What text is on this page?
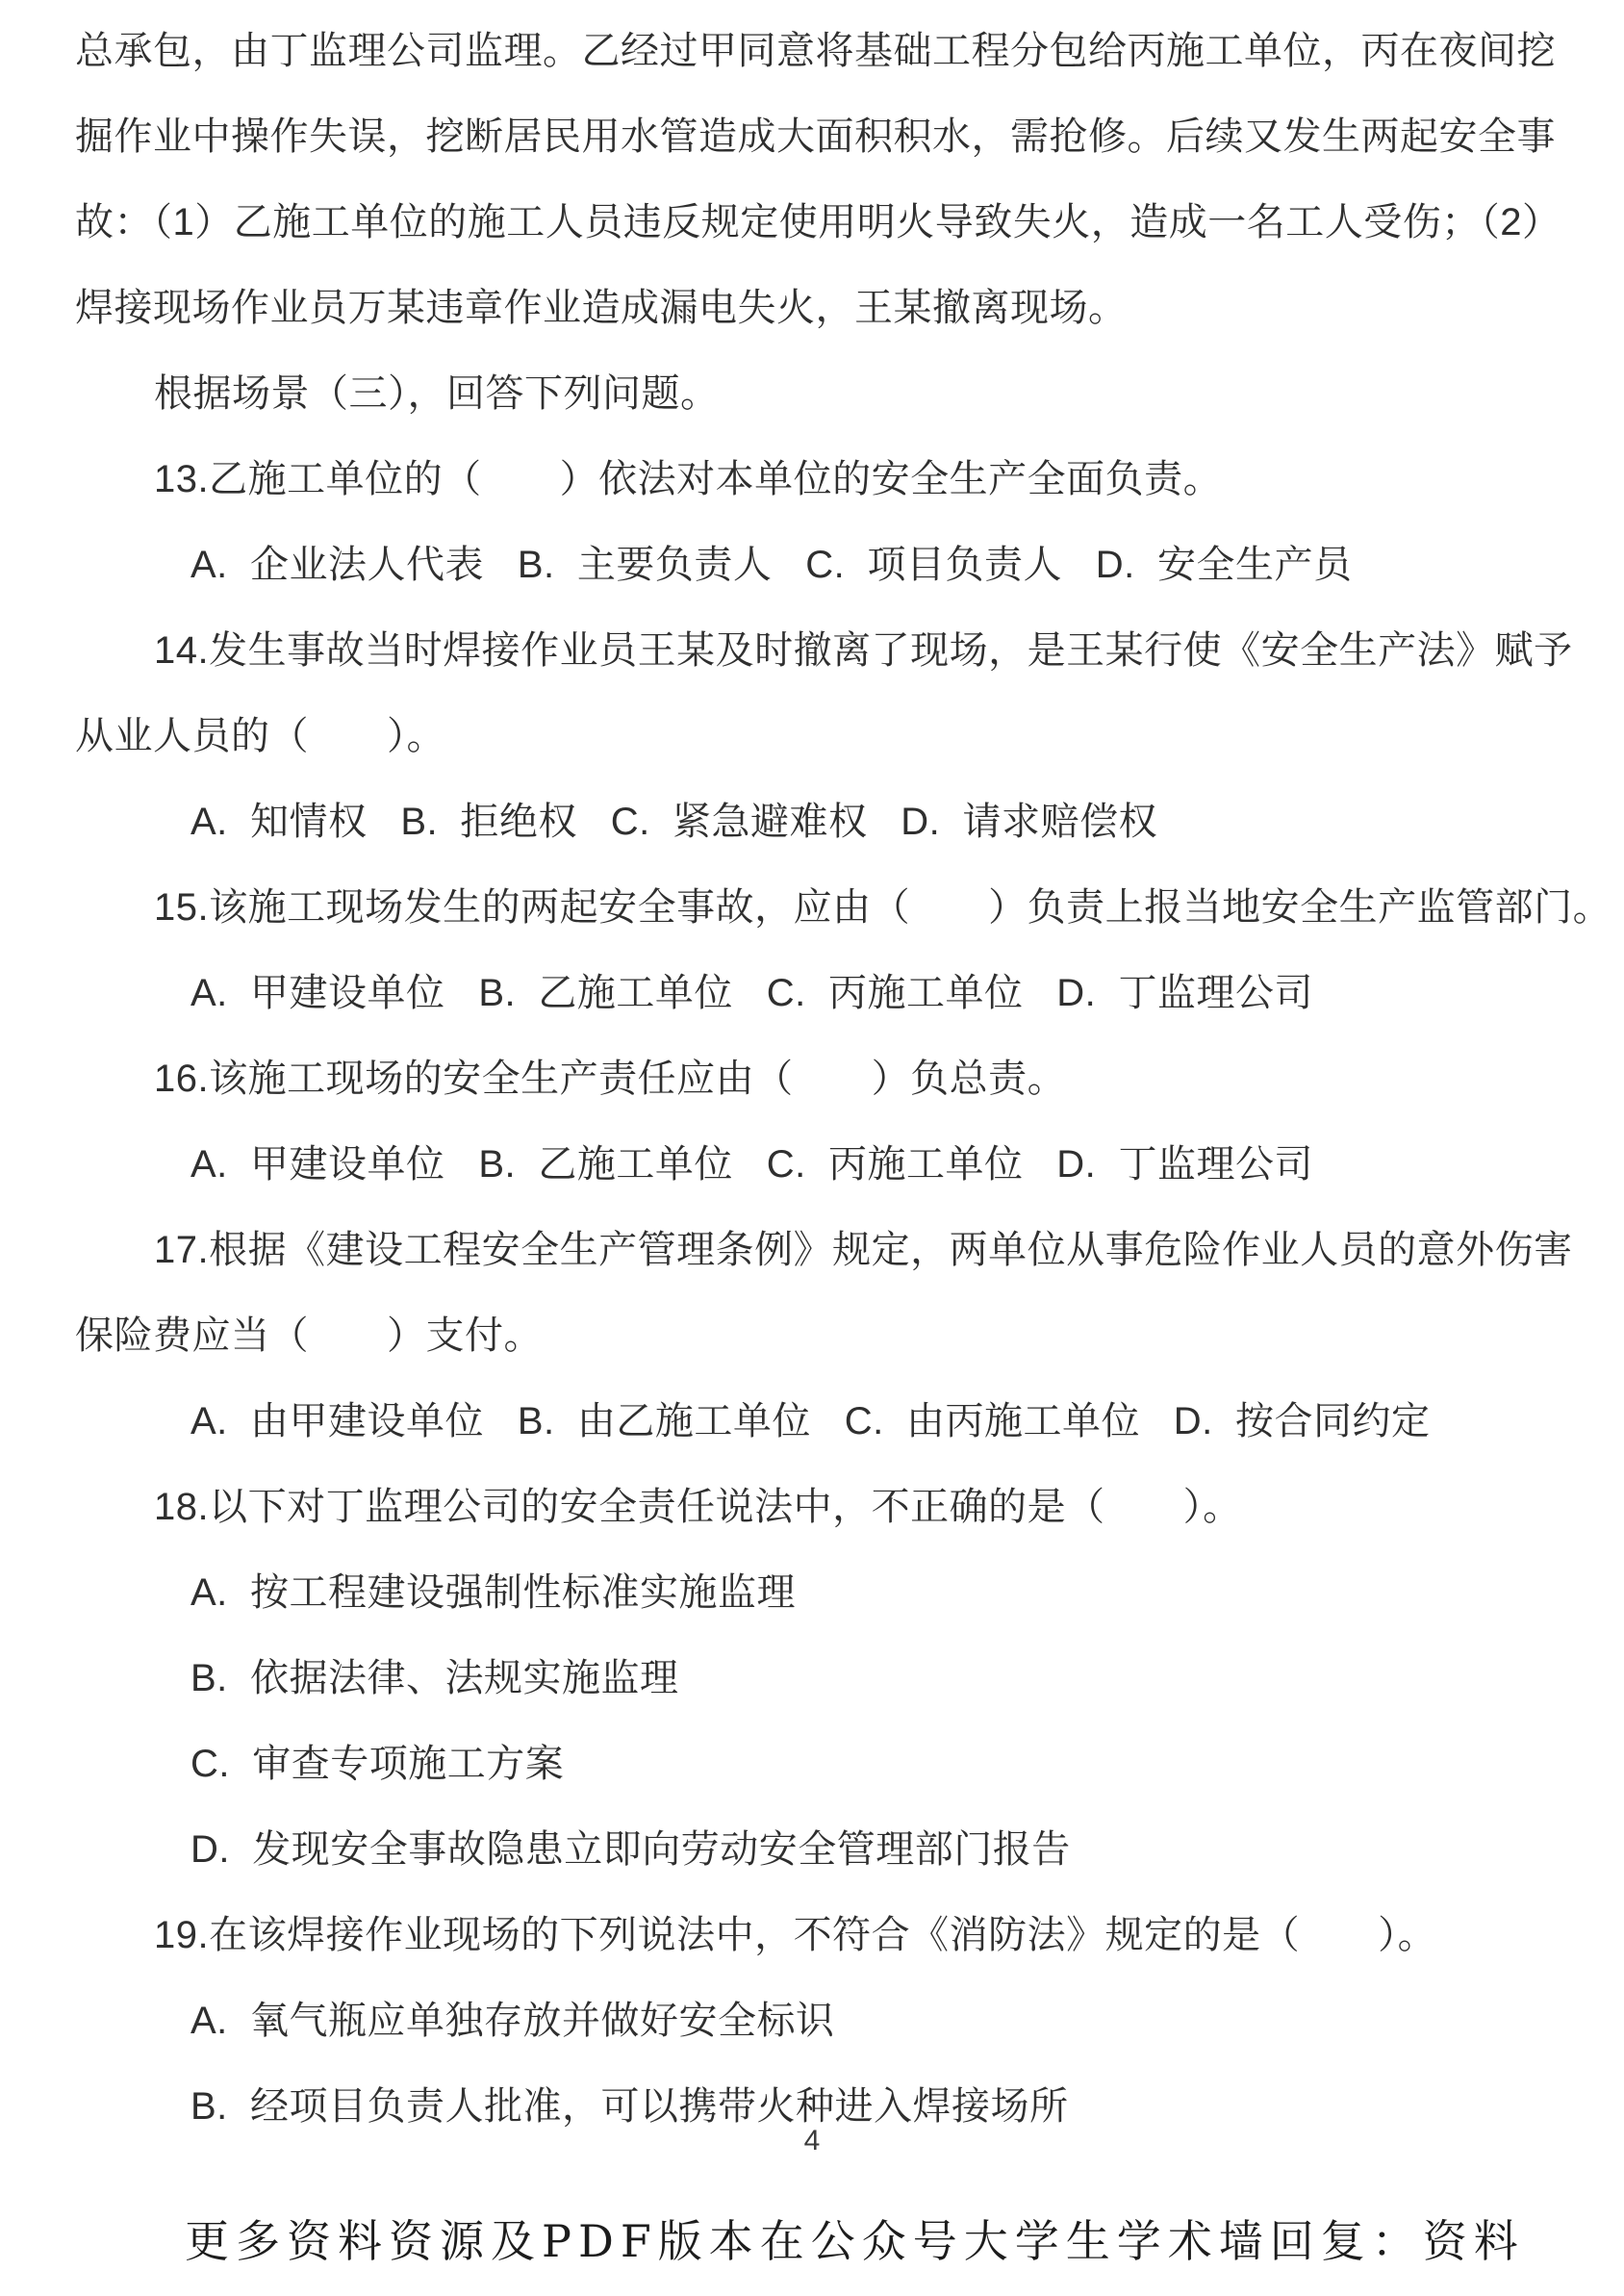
总承包，由丁监理公司监理。乙经过甲同意将基础工程分包给丙施工单位，丙在夜间挖
掘作业中操作失误，挖断居民用水管造成大面积积水，需抢修。后续又发生两起安全事
故：（1）乙施工单位的施工人员违反规定使用明火导致失火，造成一名工人受伤；（2）
焊接现场作业员万某违章作业造成漏电失火，王某撤离现场。
根据场景（三），回答下列问题。
13.乙施工单位的（　　）依法对本单位的安全生产全面负责。
A.  企业法人代表   B.  主要负责人   C.  项目负责人   D.  安全生产员
14.发生事故当时焊接作业员王某及时撤离了现场，是王某行使《安全生产法》赋予
从业人员的（　　）。
A.  知情权   B.  拒绝权   C.  紧急避难权   D.  请求赔偿权
15.该施工现场发生的两起安全事故，应由（　　）负责上报当地安全生产监管部门。
A.  甲建设单位   B.  乙施工单位   C.  丙施工单位   D.  丁监理公司
16.该施工现场的安全生产责任应由（　　）负总责。
A.  甲建设单位   B.  乙施工单位   C.  丙施工单位   D.  丁监理公司
17.根据《建设工程安全生产管理条例》规定，两单位从事危险作业人员的意外伤害
保险费应当（　　）支付。
A.  由甲建设单位   B.  由乙施工单位   C.  由丙施工单位   D.  按合同约定
18.以下对丁监理公司的安全责任说法中，不正确的是（　　）。
A.  按工程建设强制性标准实施监理
B.  依据法律、法规实施监理
C.  审查专项施工方案
D.  发现安全事故隐患立即向劳动安全管理部门报告
19.在该焊接作业现场的下列说法中，不符合《消防法》规定的是（　　）。
A.  氧气瓶应单独存放并做好安全标识
B.  经项目负责人批准，可以携带火种进入焊接场所
4
更多资料资源及PDF版本在公众号大学生学术墙回复：资料
